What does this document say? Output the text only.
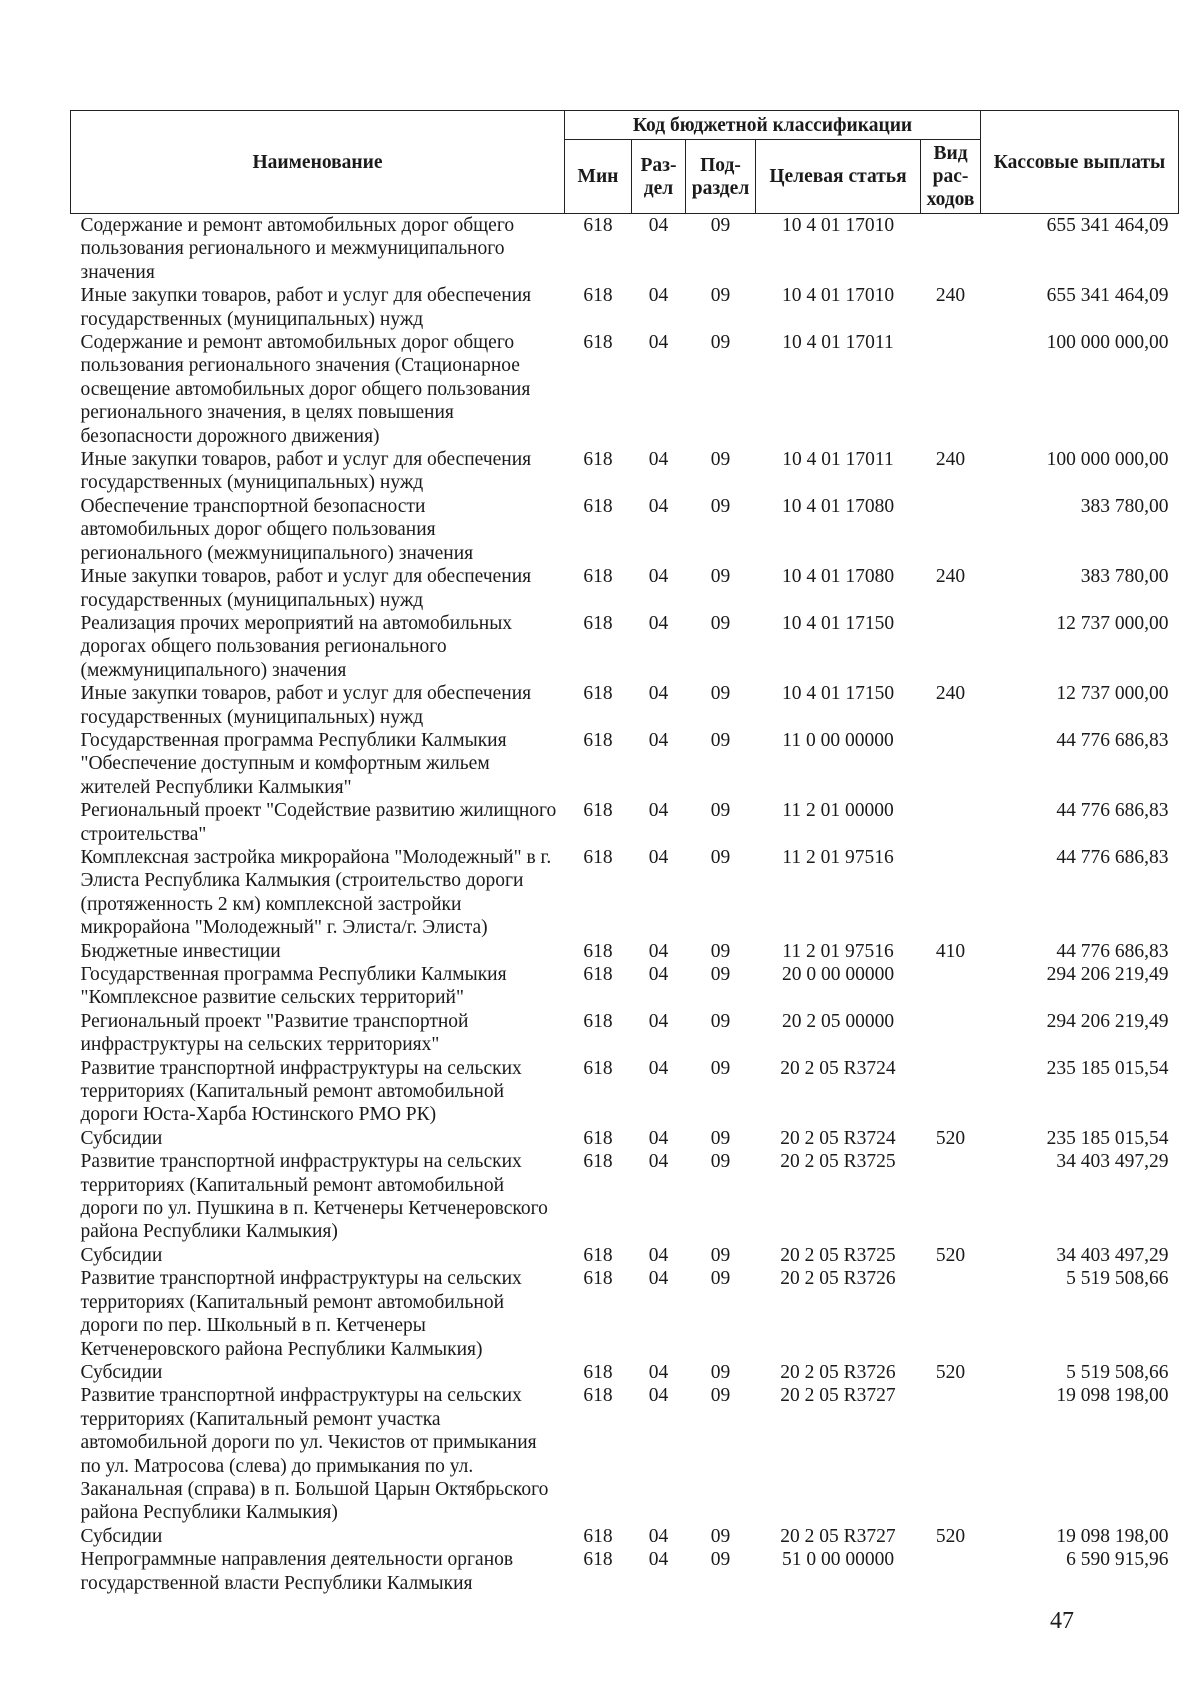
Наименование	Код бюджетной классификации					Кассовые выплаты
	Мин	Раз-дел	Под-раздел	Целевая статья	Вид рас-ходов	
Содержание и ремонт автомобильных дорог общего пользования регионального и межмуниципального значения	618	04	09	10 4 01 17010		655 341 464,09
Иные закупки товаров, работ и услуг для обеспечения государственных (муниципальных) нужд	618	04	09	10 4 01 17010	240	655 341 464,09
Содержание и ремонт автомобильных дорог общего пользования регионального значения (Стационарное освещение автомобильных дорог общего пользования регионального значения, в целях повышения безопасности дорожного движения)	618	04	09	10 4 01 17011		100 000 000,00
Иные закупки товаров, работ и услуг для обеспечения государственных (муниципальных) нужд	618	04	09	10 4 01 17011	240	100 000 000,00
Обеспечение транспортной безопасности автомобильных дорог общего пользования регионального (межмуниципального) значения	618	04	09	10 4 01 17080		383 780,00
Иные закупки товаров, работ и услуг для обеспечения государственных (муниципальных) нужд	618	04	09	10 4 01 17080	240	383 780,00
Реализация прочих мероприятий на автомобильных дорогах общего пользования регионального (межмуниципального) значения	618	04	09	10 4 01 17150		12 737 000,00
Иные закупки товаров, работ и услуг для обеспечения государственных (муниципальных) нужд	618	04	09	10 4 01 17150	240	12 737 000,00
Государственная программа Республики Калмыкия "Обеспечение доступным и комфортным жильем жителей Республики Калмыкия"	618	04	09	11 0 00 00000		44 776 686,83
Региональный проект "Содействие развитию жилищного строительства"	618	04	09	11 2 01 00000		44 776 686,83
Комплексная застройка микрорайона "Молодежный" в г. Элиста Республика Калмыкия (строительство дороги (протяженность 2 км) комплексной застройки микрорайона "Молодежный" г. Элиста/г. Элиста)	618	04	09	11 2 01 97516		44 776 686,83
Бюджетные инвестиции	618	04	09	11 2 01 97516	410	44 776 686,83
Государственная программа Республики Калмыкия "Комплексное развитие сельских территорий"	618	04	09	20 0 00 00000		294 206 219,49
Региональный проект "Развитие транспортной инфраструктуры на сельских территориях"	618	04	09	20 2 05 00000		294 206 219,49
Развитие транспортной инфраструктуры на сельских территориях (Капитальный ремонт автомобильной дороги Юста-Харба Юстинского РМО РК)	618	04	09	20 2 05 R3724		235 185 015,54
Субсидии	618	04	09	20 2 05 R3724	520	235 185 015,54
Развитие транспортной инфраструктуры на сельских территориях (Капитальный ремонт автомобильной дороги по ул. Пушкина в п. Кетченеры Кетченеровского района Республики Калмыкия)	618	04	09	20 2 05 R3725		34 403 497,29
Субсидии	618	04	09	20 2 05 R3725	520	34 403 497,29
Развитие транспортной инфраструктуры на сельских территориях (Капитальный ремонт автомобильной дороги по пер. Школьный в п. Кетченеры Кетченеровского района Республики Калмыкия)	618	04	09	20 2 05 R3726		5 519 508,66
Субсидии	618	04	09	20 2 05 R3726	520	5 519 508,66
Развитие транспортной инфраструктуры на сельских территориях (Капитальный ремонт участка автомобильной дороги по ул. Чекистов от примыкания по ул. Матросова (слева) до примыкания по ул. Заканальная (справа) в п. Большой Царын Октябрьского района Республики Калмыкия)	618	04	09	20 2 05 R3727		19 098 198,00
Субсидии	618	04	09	20 2 05 R3727	520	19 098 198,00
Непрограммные направления деятельности органов государственной власти Республики Калмыкия	618	04	09	51 0 00 00000		6 590 915,96
47
